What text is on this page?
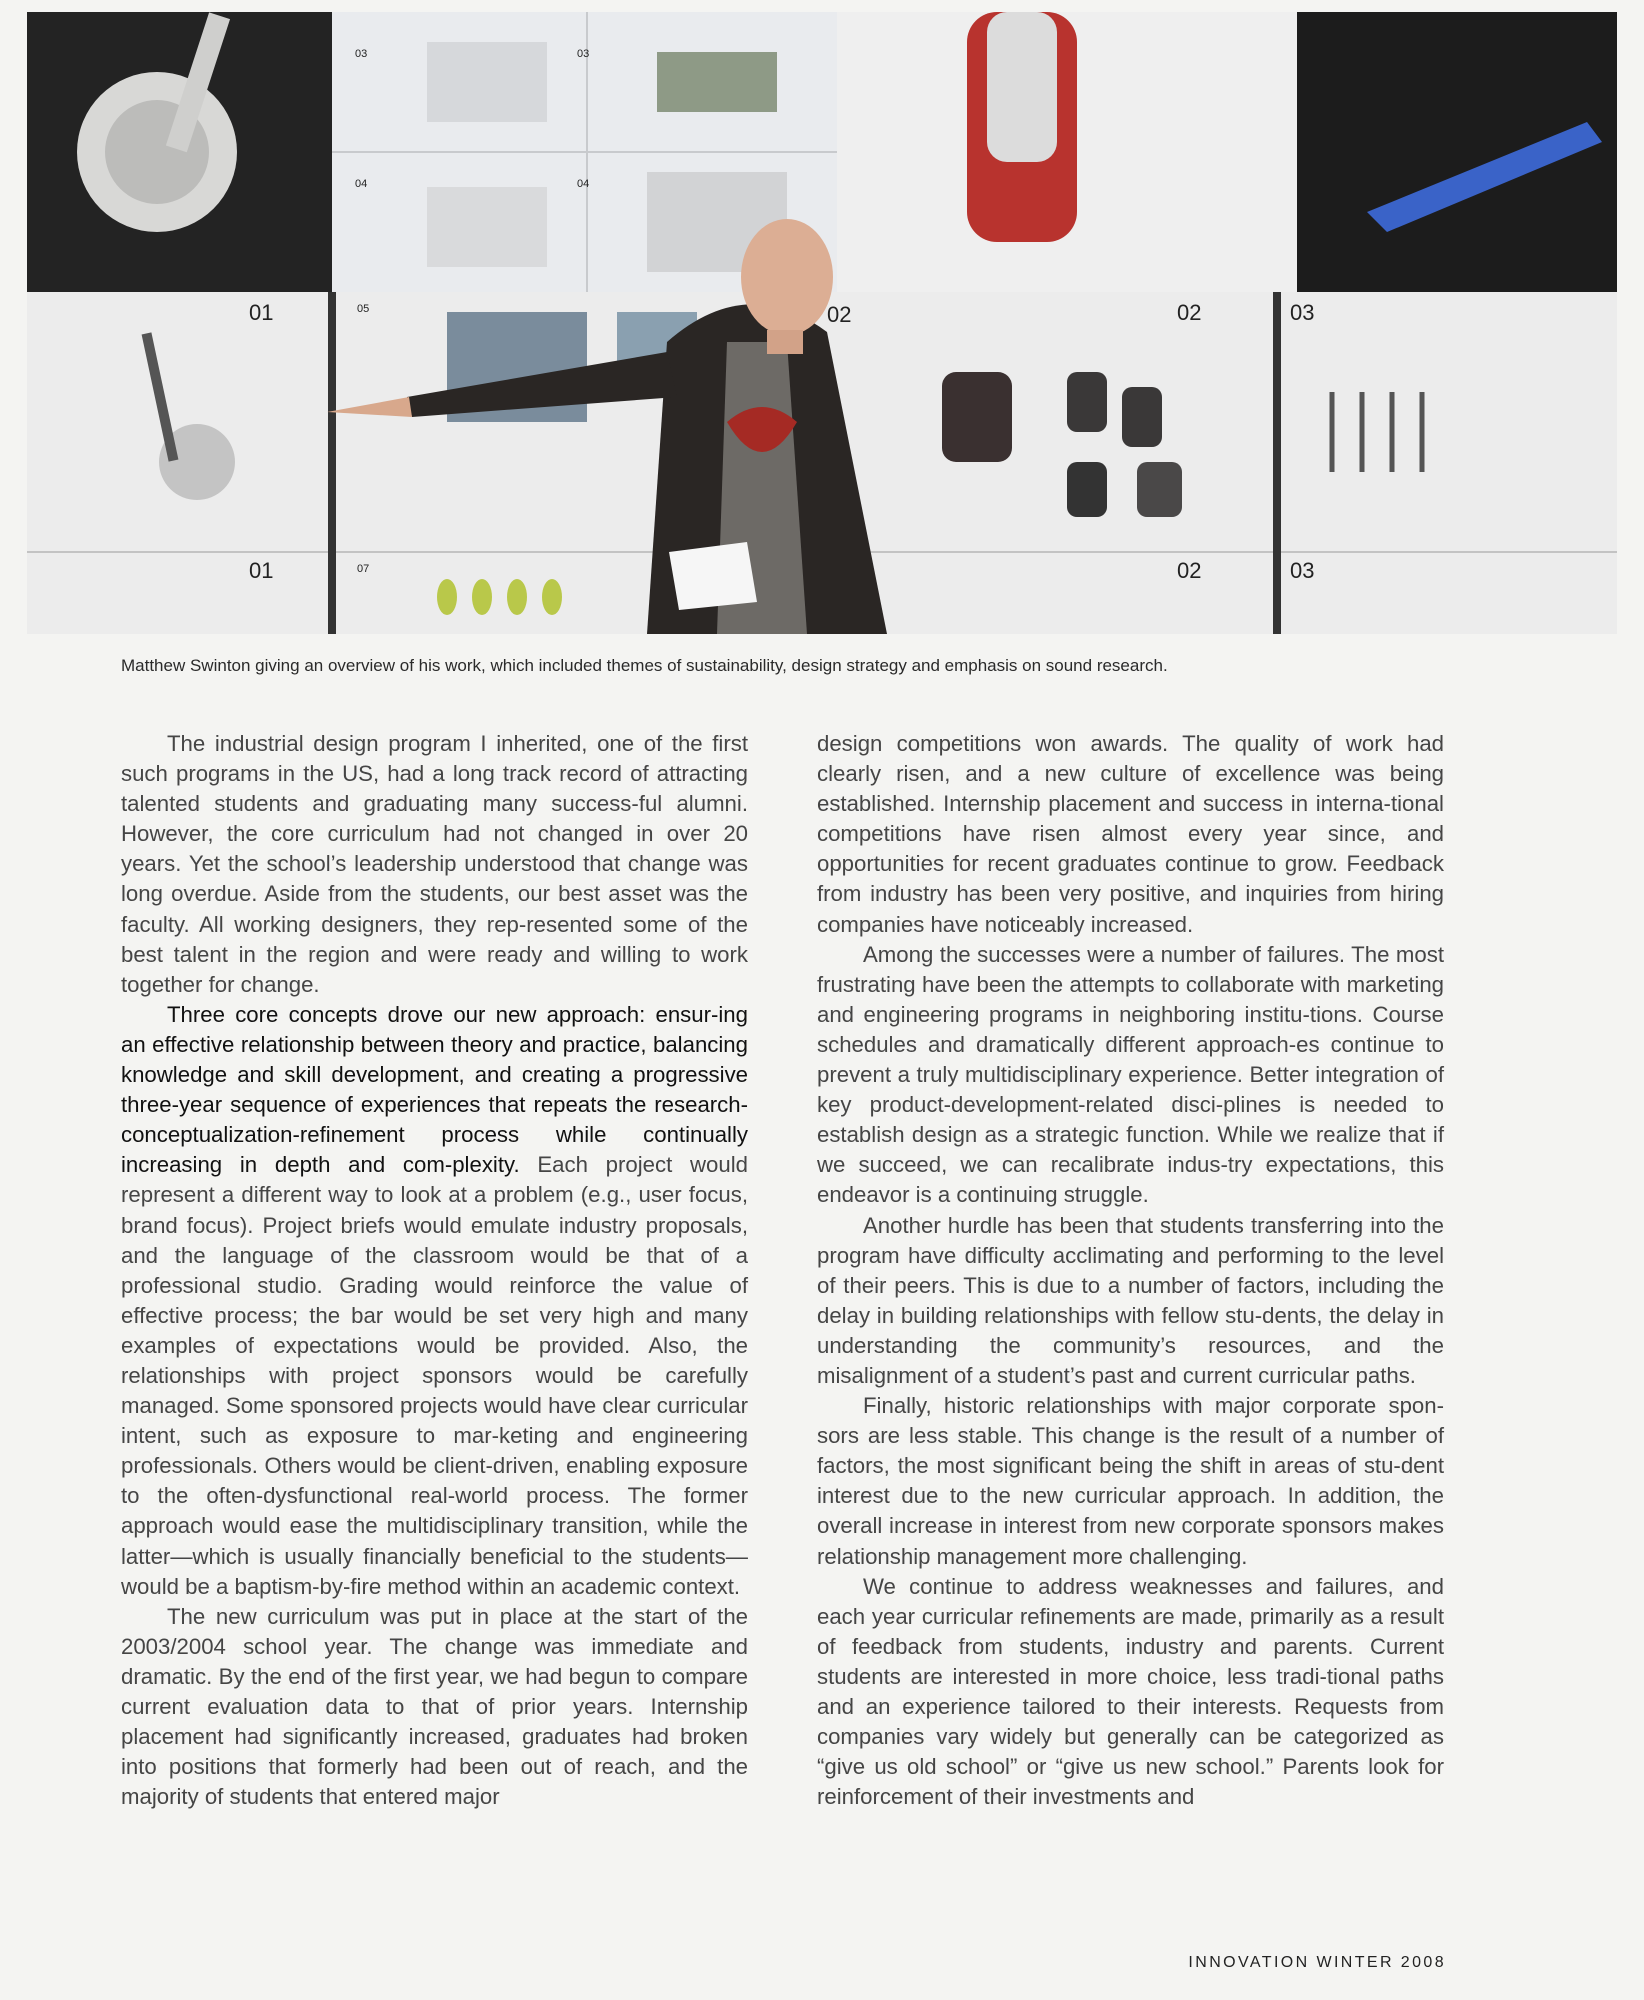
01
01
02	02
02
03
03
03	03
04	04
05
07
Matthew Swinton giving an overview of his work, which included themes of sustainability, design strategy and emphasis on sound research.

The industrial design program I inherited, one of the first such programs in the US, had a long track record of attracting talented students and graduating many success-ful alumni. However, the core curriculum had not changed in over 20 years. Yet the school’s leadership understood that change was long overdue. Aside from the students, our best asset was the faculty. All working designers, they rep-resented some of the best talent in the region and were ready and willing to work together for change.

Three core concepts drove our new approach: ensur-ing an effective relationship between theory and practice, balancing knowledge and skill development, and creating a progressive three-year sequence of experiences that repeats the research-conceptualization-refinement process while continually increasing in depth and com-plexity. Each project would represent a different way to look at a problem (e.g., user focus, brand focus). Project briefs would emulate industry proposals, and the language of the classroom would be that of a professional studio. Grading would reinforce the value of effective process; the bar would be set very high and many examples of expectations would be provided. Also, the relationships with project sponsors would be carefully managed. Some sponsored projects would have clear curricular intent, such as exposure to mar-keting and engineering professionals. Others would be client-driven, enabling exposure to the often-dysfunctional real-world process. The former approach would ease the multidisciplinary transition, while the latter—which is usually financially beneficial to the students—would be a baptism-by-fire method within an academic context.

The new curriculum was put in place at the start of the 2003/2004 school year. The change was immediate and dramatic. By the end of the first year, we had begun to compare current evaluation data to that of prior years. Internship placement had significantly increased, graduates had broken into positions that formerly had been out of reach, and the majority of students that entered major

design competitions won awards. The quality of work had clearly risen, and a new culture of excellence was being established. Internship placement and success in interna-tional competitions have risen almost every year since, and opportunities for recent graduates continue to grow. Feedback from industry has been very positive, and inquiries from hiring companies have noticeably increased.

Among the successes were a number of failures. The most frustrating have been the attempts to collaborate with marketing and engineering programs in neighboring institu-tions. Course schedules and dramatically different approach-es continue to prevent a truly multidisciplinary experience. Better integration of key product-development-related disci-plines is needed to establish design as a strategic function. While we realize that if we succeed, we can recalibrate indus-try expectations, this endeavor is a continuing struggle.

Another hurdle has been that students transferring into the program have difficulty acclimating and performing to the level of their peers. This is due to a number of factors, including the delay in building relationships with fellow stu-dents, the delay in understanding the community’s resources, and the misalignment of a student’s past and current curricular paths.

Finally, historic relationships with major corporate spon-sors are less stable. This change is the result of a number of factors, the most significant being the shift in areas of stu-dent interest due to the new curricular approach. In addition, the overall increase in interest from new corporate sponsors makes relationship management more challenging.

We continue to address weaknesses and failures, and each year curricular refinements are made, primarily as a result of feedback from students, industry and parents. Current students are interested in more choice, less tradi-tional paths and an experience tailored to their interests. Requests from companies vary widely but generally can be categorized as “give us old school” or “give us new school.” Parents look for reinforcement of their investments and

INNOVATION WINTER 2008
